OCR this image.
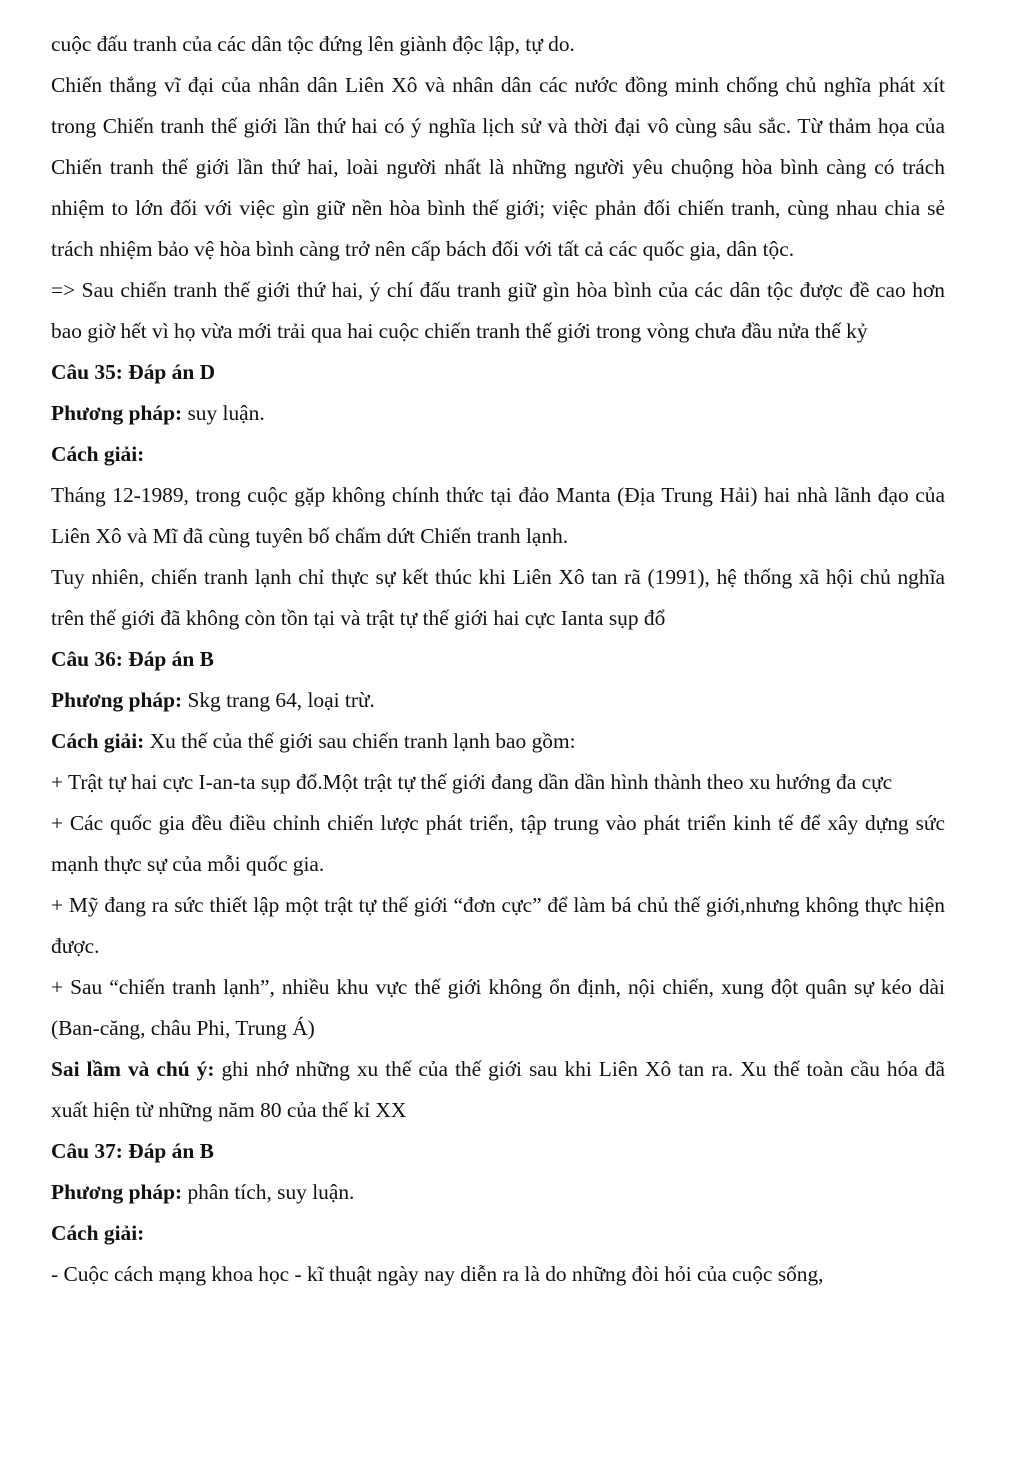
cuộc đấu tranh của các dân tộc đứng lên giành độc lập, tự do.

Chiến thắng vĩ đại của nhân dân Liên Xô và nhân dân các nước đồng minh chống chủ nghĩa phát xít trong Chiến tranh thế giới lần thứ hai có ý nghĩa lịch sử và thời đại vô cùng sâu sắc. Từ thảm họa của Chiến tranh thế giới lần thứ hai, loài người nhất là những người yêu chuộng hòa bình càng có trách nhiệm to lớn đối với việc gìn giữ nền hòa bình thế giới; việc phản đối chiến tranh, cùng nhau chia sẻ trách nhiệm bảo vệ hòa bình càng trở nên cấp bách đối với tất cả các quốc gia, dân tộc.

=> Sau chiến tranh thế giới thứ hai, ý chí đấu tranh giữ gìn hòa bình của các dân tộc được đề cao hơn bao giờ hết vì họ vừa mới trải qua hai cuộc chiến tranh thế giới trong vòng chưa đầu nửa thế kỷ

Câu 35: Đáp án D

Phương pháp: suy luận.

Cách giải:

Tháng 12-1989, trong cuộc gặp không chính thức tại đảo Manta (Địa Trung Hải) hai nhà lãnh đạo của Liên Xô và Mĩ đã cùng tuyên bố chấm dứt Chiến tranh lạnh.

Tuy nhiên, chiến tranh lạnh chỉ thực sự kết thúc khi Liên Xô tan rã (1991), hệ thống xã hội chủ nghĩa trên thế giới đã không còn tồn tại và trật tự thế giới hai cực Ianta sụp đổ

Câu 36: Đáp án B

Phương pháp: Skg trang 64, loại trừ.

Cách giải: Xu thế của thế giới sau chiến tranh lạnh bao gồm:

+ Trật tự hai cực I-an-ta sụp đổ.Một trật tự thế giới đang dần dần hình thành theo xu hướng đa cực

+ Các quốc gia đều điều chỉnh chiến lược phát triển, tập trung vào phát triển kinh tế để xây dựng sức mạnh thực sự của mỗi quốc gia.

+ Mỹ đang ra sức thiết lập một trật tự thế giới “đơn cực” để làm bá chủ thế giới,nhưng không thực hiện được.

+ Sau “chiến tranh lạnh”, nhiều khu vực thế giới không ổn định, nội chiến, xung đột quân sự kéo dài (Ban-căng, châu Phi, Trung Á)

Sai lầm và chú ý: ghi nhớ những xu thế của thế giới sau khi Liên Xô tan ra. Xu thế toàn cầu hóa đã xuất hiện từ những năm 80 của thế kỉ XX

Câu 37: Đáp án B

Phương pháp: phân tích, suy luận.

Cách giải:

- Cuộc cách mạng khoa học - kĩ thuật ngày nay diễn ra là do những đòi hỏi của cuộc sống,
